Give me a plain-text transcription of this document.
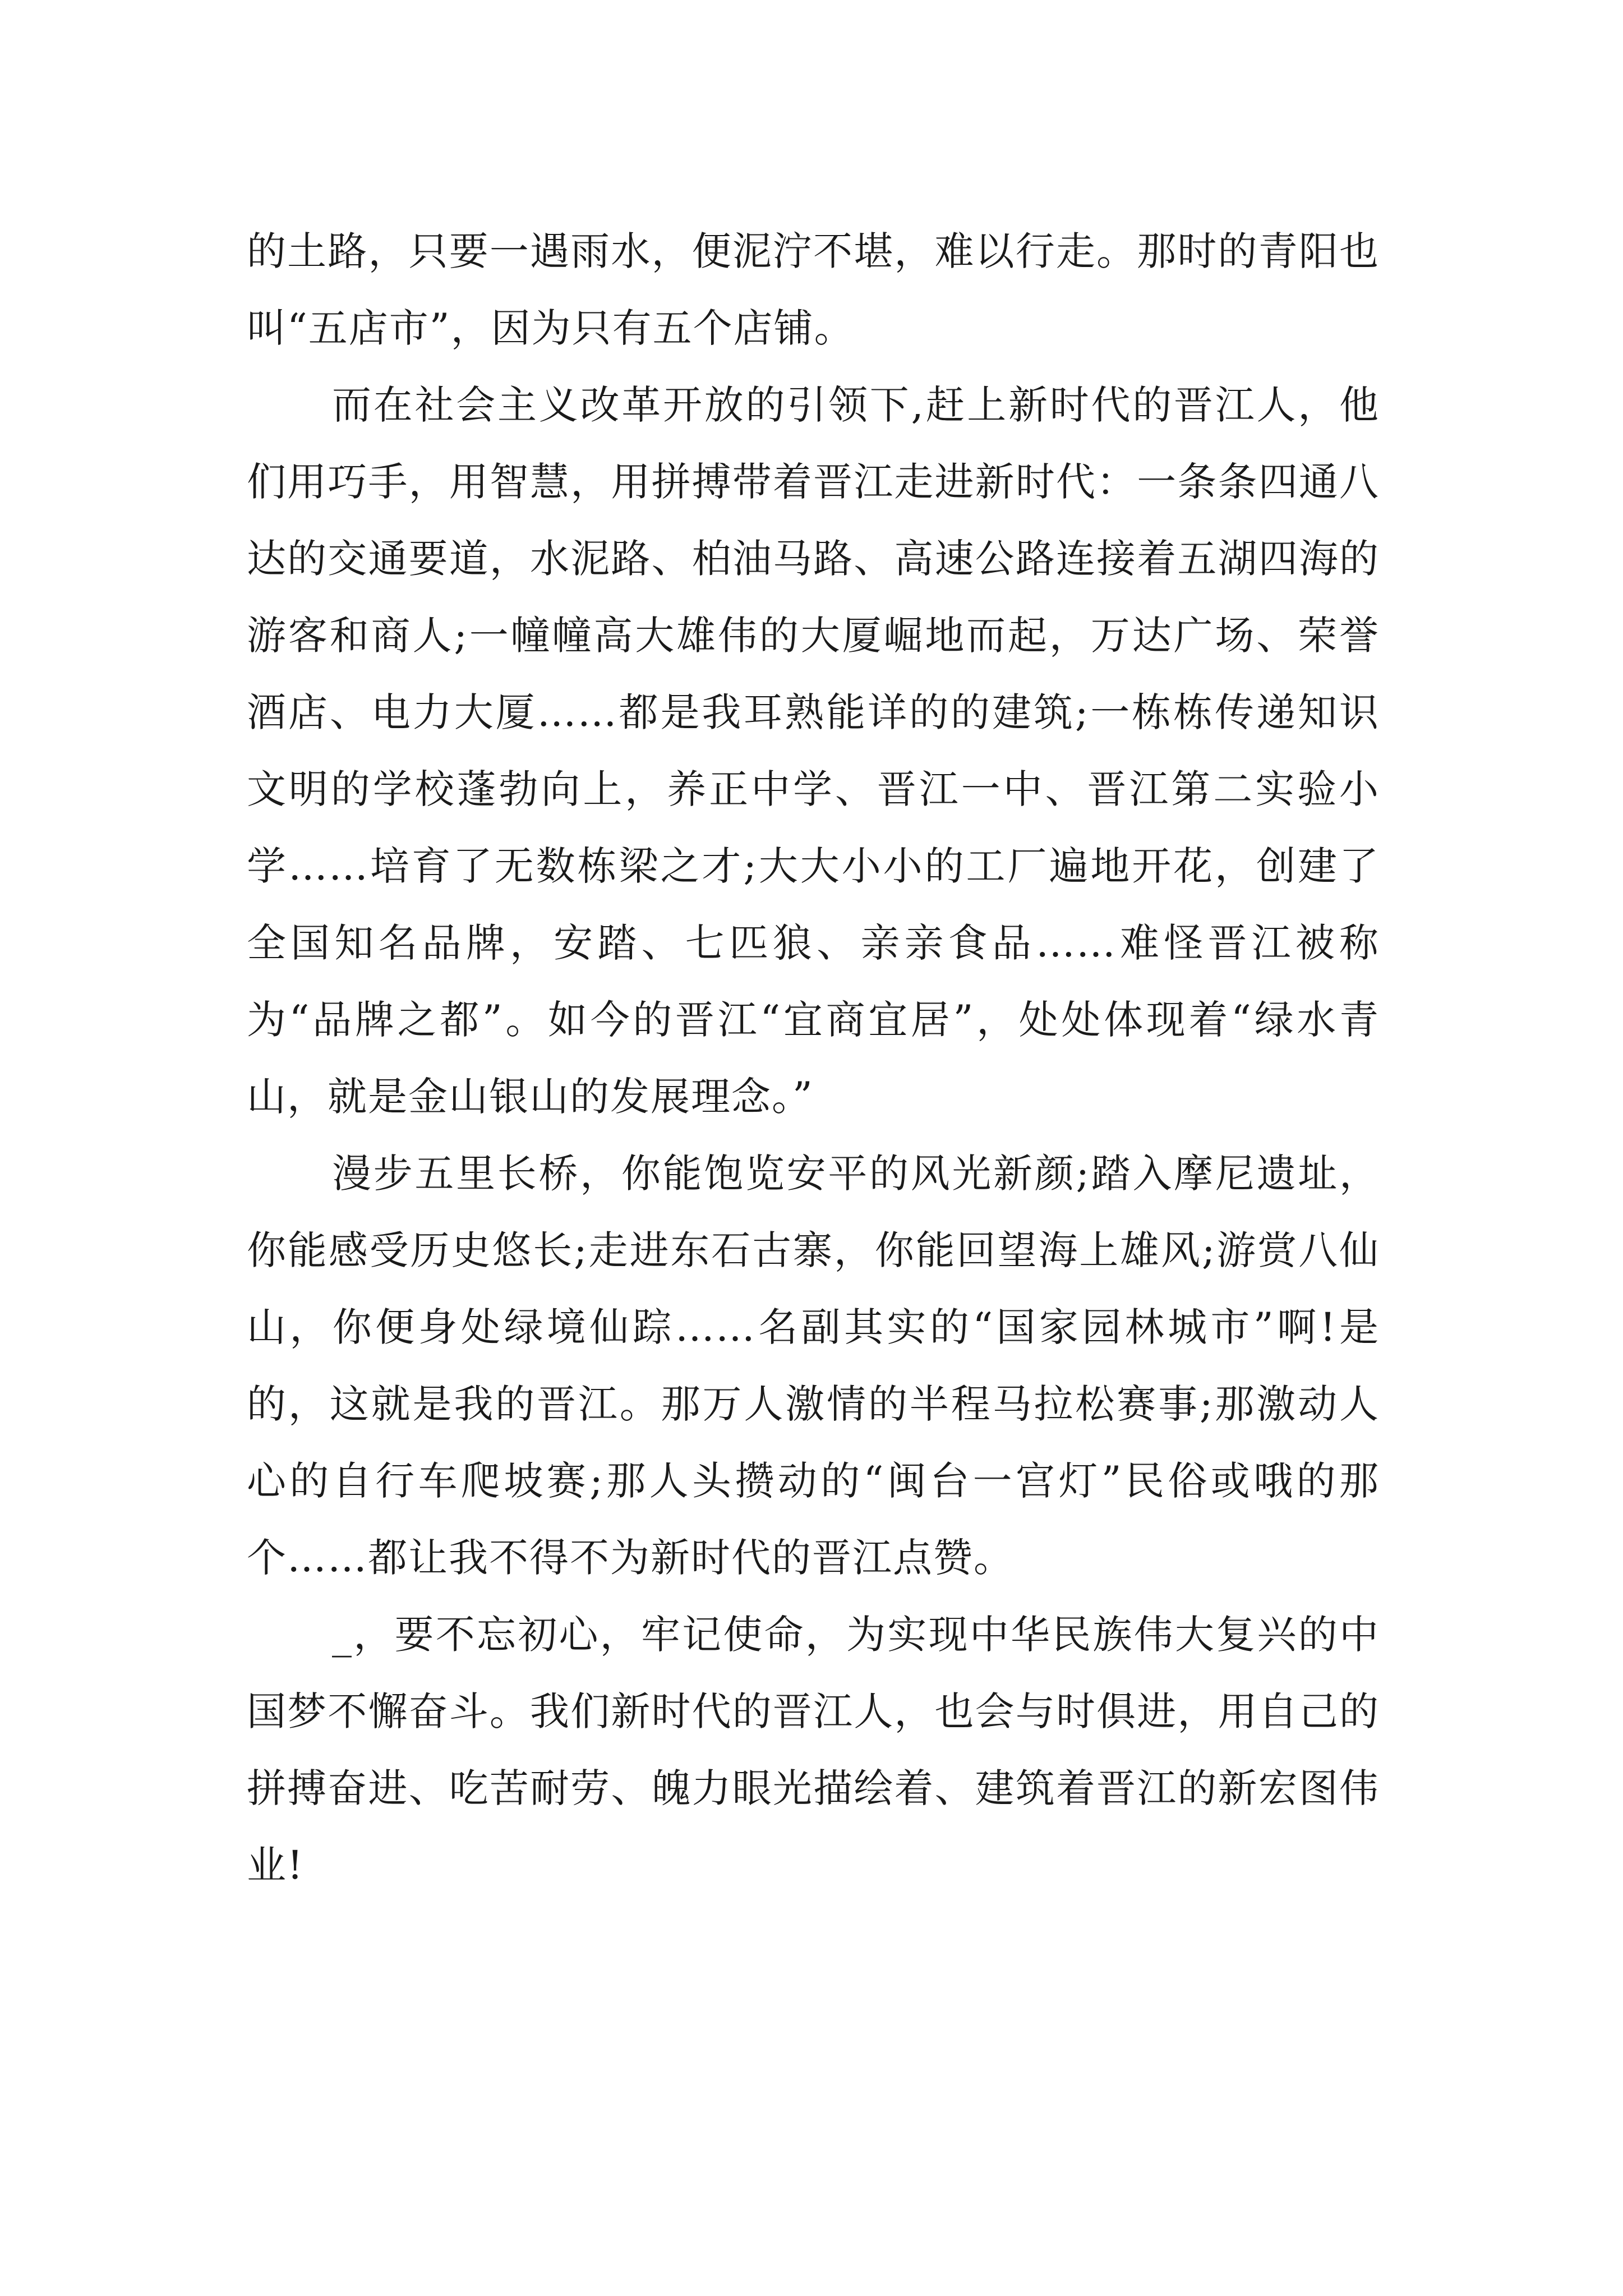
的土路，只要一遇雨水，便泥泞不堪，难以行走。那时的青阳也叫“五店市”，因为只有五个店铺。

而在社会主义改革开放的引领下,赶上新时代的晋江人，他们用巧手，用智慧，用拼搏带着晋江走进新时代：一条条四通八达的交通要道，水泥路、柏油马路、高速公路连接着五湖四海的游客和商人;一幢幢高大雄伟的大厦崛地而起，万达广场、荣誉酒店、电力大厦……都是我耳熟能详的的建筑;一栋栋传递知识文明的学校蓬勃向上，养正中学、晋江一中、晋江第二实验小学……培育了无数栋梁之才;大大小小的工厂遍地开花，创建了全国知名品牌，安踏、七匹狼、亲亲食品……难怪晋江被称为“品牌之都”。如今的晋江“宜商宜居”，处处体现着“绿水青山，就是金山银山的发展理念。”

漫步五里长桥，你能饱览安平的风光新颜;踏入摩尼遗址，你能感受历史悠长;走进东石古寨，你能回望海上雄风;游赏八仙山，你便身处绿境仙踪……名副其实的“国家园林城市”啊!是的，这就是我的晋江。那万人激情的半程马拉松赛事;那激动人心的自行车爬坡赛;那人头攒动的“闽台一宫灯”民俗或哦的那个……都让我不得不为新时代的晋江点赞。

_，要不忘初心，牢记使命，为实现中华民族伟大复兴的中国梦不懈奋斗。我们新时代的晋江人，也会与时俱进，用自己的拼搏奋进、吃苦耐劳、魄力眼光描绘着、建筑着晋江的新宏图伟业!
